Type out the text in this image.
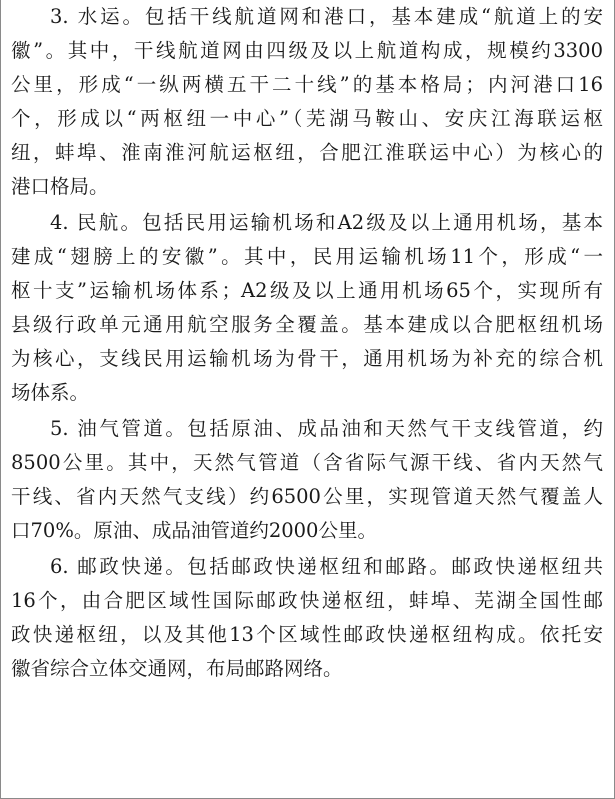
3. 水运。包括干线航道网和港口，基本建成“航道上的安
徽”。其中，干线航道网由四级及以上航道构成，规模约3300
公里，形成“一纵两横五干二十线”的基本格局；内河港口16
个，形成以“两枢纽一中心”（芜湖马鞍山、安庆江海联运枢
纽，蚌埠、淮南淮河航运枢纽，合肥江淮联运中心）为核心的
港口格局。

4. 民航。包括民用运输机场和A2级及以上通用机场，基本
建成“翅膀上的安徽”。其中，民用运输机场11个，形成“一
枢十支”运输机场体系；A2级及以上通用机场65个，实现所有
县级行政单元通用航空服务全覆盖。基本建成以合肥枢纽机场
为核心，支线民用运输机场为骨干，通用机场为补充的综合机
场体系。

5. 油气管道。包括原油、成品油和天然气干支线管道，约
8500公里。其中，天然气管道（含省际气源干线、省内天然气
干线、省内天然气支线）约6500公里，实现管道天然气覆盖人
口70%。原油、成品油管道约2000公里。

6. 邮政快递。包括邮政快递枢纽和邮路。邮政快递枢纽共
16个，由合肥区域性国际邮政快递枢纽，蚌埠、芜湖全国性邮
政快递枢纽，以及其他13个区域性邮政快递枢纽构成。依托安
徽省综合立体交通网，布局邮路网络。
